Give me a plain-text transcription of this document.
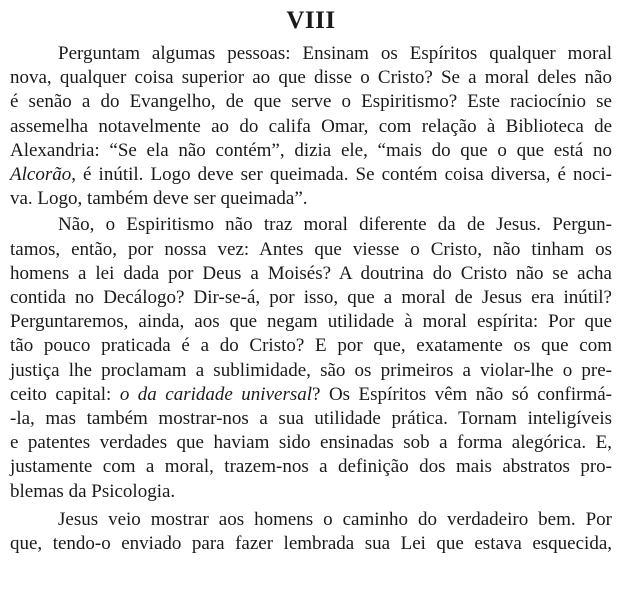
VIII

Perguntam algumas pessoas: Ensinam os Espíritos qualquer moral
nova, qualquer coisa superior ao que disse o Cristo? Se a moral deles não
é senão a do Evangelho, de que serve o Espiritismo? Este raciocínio se
assemelha notavelmente ao do califa Omar, com relação à Biblioteca de
Alexandria: “Se ela não contém”, dizia ele, “mais do que o que está no
Alcorão, é inútil. Logo deve ser queimada. Se contém coisa diversa, é noci-
va. Logo, também deve ser queimada”.

Não, o Espiritismo não traz moral diferente da de Jesus. Pergun-
tamos, então, por nossa vez: Antes que viesse o Cristo, não tinham os
homens a lei dada por Deus a Moisés? A doutrina do Cristo não se acha
contida no Decálogo? Dir-se-á, por isso, que a moral de Jesus era inútil?
Perguntaremos, ainda, aos que negam utilidade à moral espírita: Por que
tão pouco praticada é a do Cristo? E por que, exatamente os que com
justiça lhe proclamam a sublimidade, são os primeiros a violar-lhe o pre-
ceito capital: o da caridade universal? Os Espíritos vêm não só confirmá-
-la, mas também mostrar-nos a sua utilidade prática. Tornam inteligíveis
e patentes verdades que haviam sido ensinadas sob a forma alegórica. E,
justamente com a moral, trazem-nos a definição dos mais abstratos pro-
blemas da Psicologia.

Jesus veio mostrar aos homens o caminho do verdadeiro bem. Por
que, tendo-o enviado para fazer lembrada sua Lei que estava esquecida,
